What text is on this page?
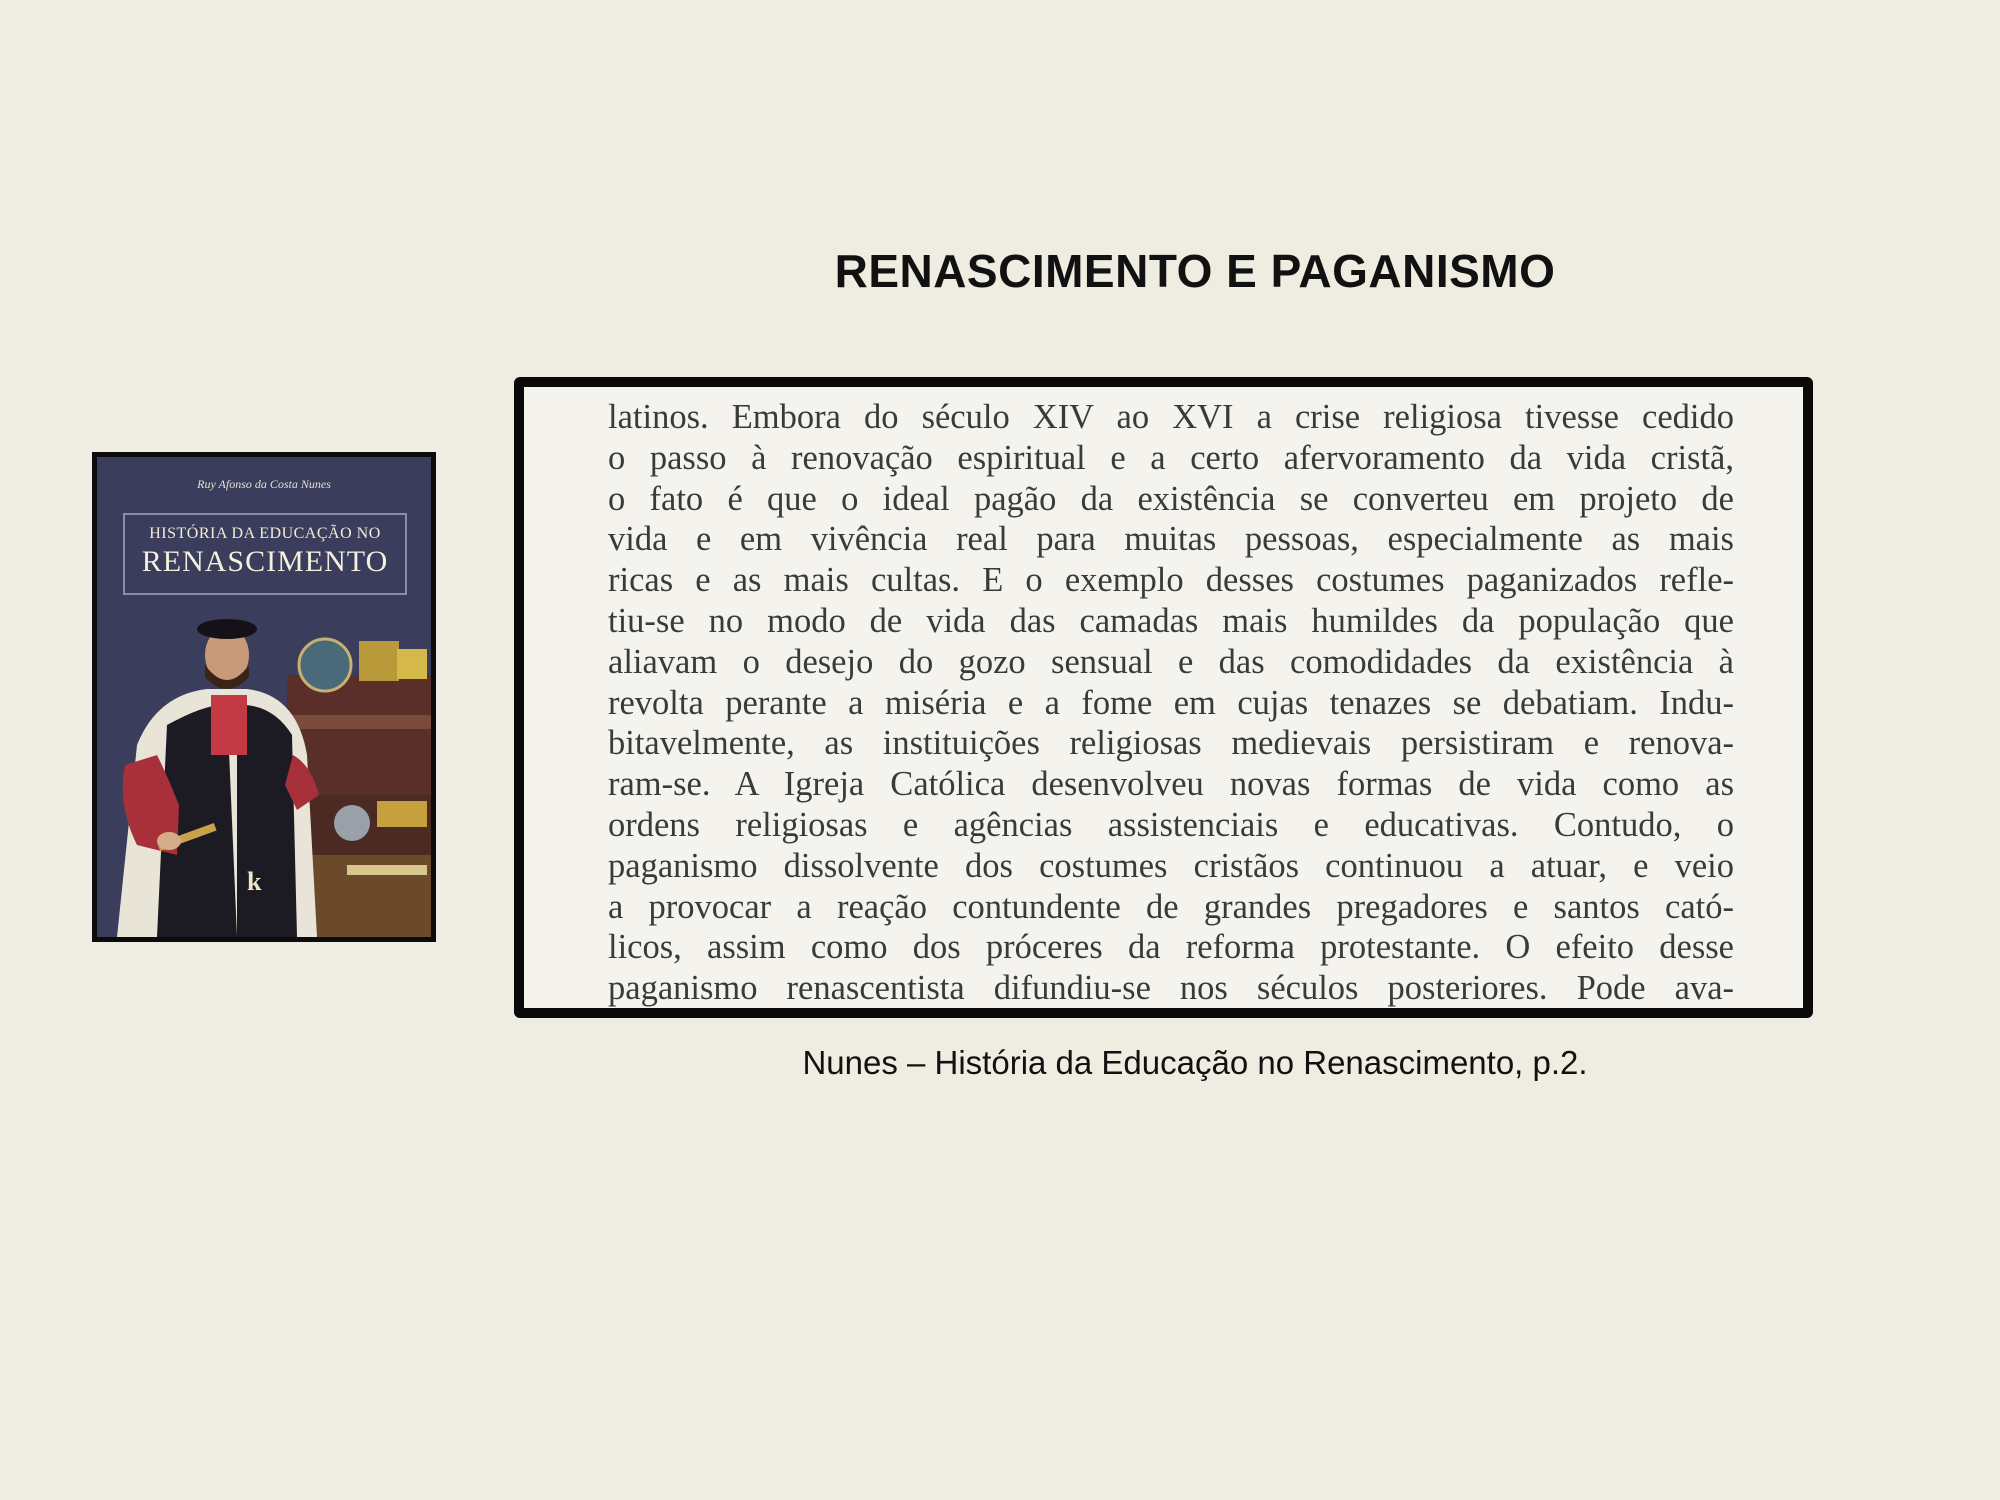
RENASCIMENTO E PAGANISMO
Ruy Afonso da Costa Nunes
HISTÓRIA DA EDUCAÇÃO NO
RENASCIMENTO
k
latinos. Embora do século XIV ao XVI a crise religiosa tivesse cedido
o passo à renovação espiritual e a certo afervoramento da vida cristã,
o fato é que o ideal pagão da existência se converteu em projeto de
vida e em vivência real para muitas pessoas, especialmente as mais
ricas e as mais cultas. E o exemplo desses costumes paganizados refle-
tiu-se no modo de vida das camadas mais humildes da população que
aliavam o desejo do gozo sensual e das comodidades da existência à
revolta perante a miséria e a fome em cujas tenazes se debatiam. Indu-
bitavelmente, as instituições religiosas medievais persistiram e renova-
ram-se. A Igreja Católica desenvolveu novas formas de vida como as
ordens religiosas e agências assistenciais e educativas. Contudo, o
paganismo dissolvente dos costumes cristãos continuou a atuar, e veio
a provocar a reação contundente de grandes pregadores e santos cató-
licos, assim como dos próceres da reforma protestante. O efeito desse
paganismo renascentista difundiu-se nos séculos posteriores. Pode ava-
Nunes – História da Educação no Renascimento, p.2.
